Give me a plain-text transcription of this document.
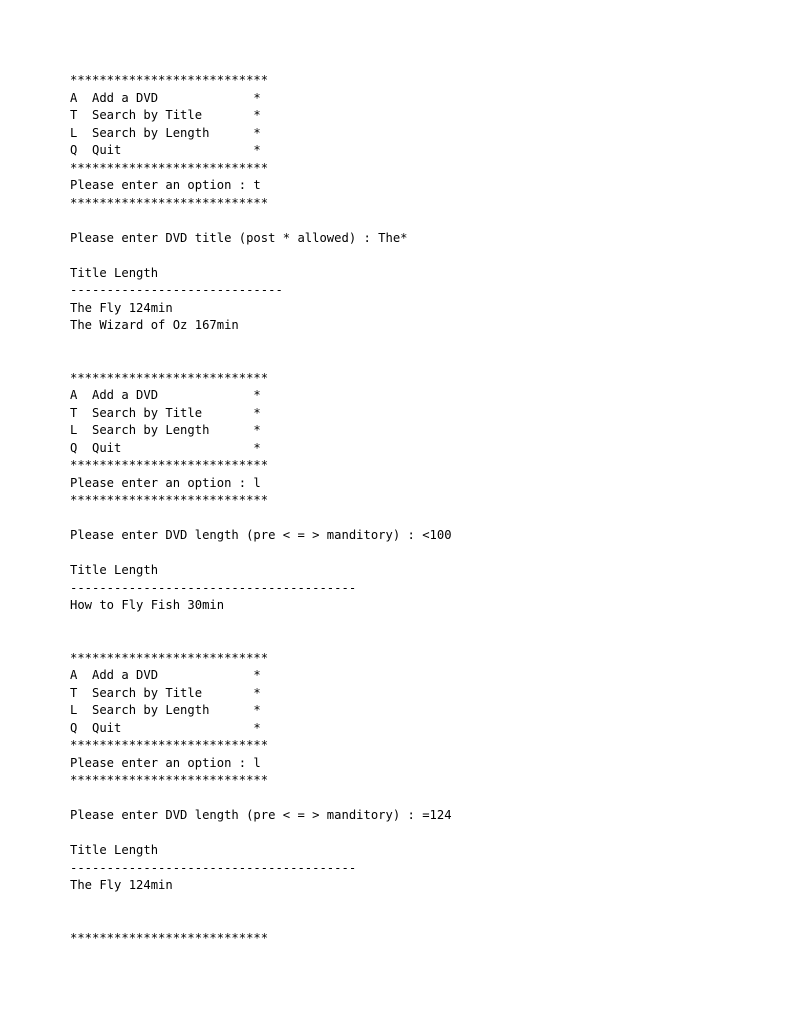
***************************
A  Add a DVD             *
T  Search by Title       *
L  Search by Length      *
Q  Quit                  *
***************************
Please enter an option : t
***************************
Please enter DVD title (post * allowed) : The*
Title Length
-----------------------------
The Fly 124min
The Wizard of Oz 167min
***************************
A  Add a DVD             *
T  Search by Title       *
L  Search by Length      *
Q  Quit                  *
***************************
Please enter an option : l
***************************
Please enter DVD length (pre < = > manditory) : <100
Title Length
---------------------------------------
How to Fly Fish 30min
***************************
A  Add a DVD             *
T  Search by Title       *
L  Search by Length      *
Q  Quit                  *
***************************
Please enter an option : l
***************************
Please enter DVD length (pre < = > manditory) : =124
Title Length
---------------------------------------
The Fly 124min
***************************
